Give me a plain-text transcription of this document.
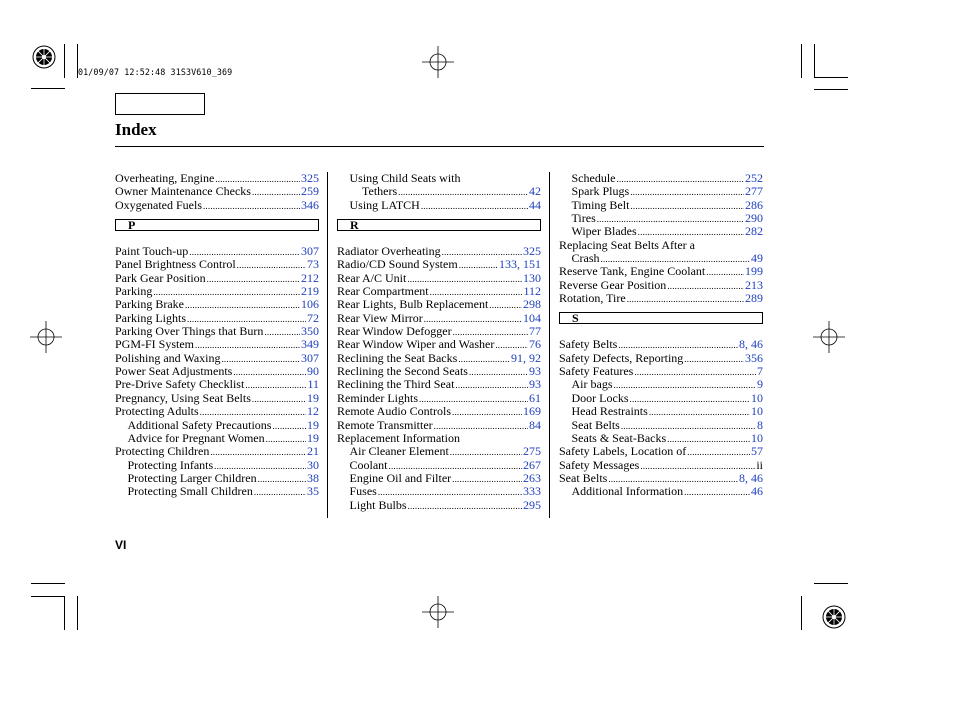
01/09/07 12:52:48 31S3V610_369
Index
Overheating, Engine .....	325
Owner Maintenance Checks .....	259
Oxygenated Fuels .....	346
P
Paint Touch-up .....	307
Panel Brightness Control .....	73
Park Gear Position .....	212
Parking .....	219
Parking Brake .....	106
Parking Lights .....	72
Parking Over Things that Burn .....	350
PGM-FI System .....	349
Polishing and Waxing .....	307
Power Seat Adjustments .....	90
Pre-Drive Safety Checklist .....	11
Pregnancy, Using Seat Belts .....	19
Protecting Adults .....	12
Additional Safety Precautions .....	19
Advice for Pregnant Women .....	19
Protecting Children .....	21
Protecting Infants .....	30
Protecting Larger Children .....	38
Protecting Small Children .....	35
Using Child Seats with
Tethers .....	42
Using LATCH .....	44
R
Radiator Overheating .....	325
Radio/CD Sound System .....	133, 151
Rear A/C Unit .....	130
Rear Compartment .....	112
Rear Lights, Bulb Replacement .....	298
Rear View Mirror .....	104
Rear Window Defogger .....	77
Rear Window Wiper and Washer .....	76
Reclining the Seat Backs .....	91, 92
Reclining the Second Seats .....	93
Reclining the Third Seat .....	93
Reminder Lights .....	61
Remote Audio Controls .....	169
Remote Transmitter .....	84
Replacement Information
Air Cleaner Element .....	275
Coolant .....	267
Engine Oil and Filter .....	263
Fuses .....	333
Light Bulbs .....	295
Schedule .....	252
Spark Plugs .....	277
Timing Belt .....	286
Tires .....	290
Wiper Blades .....	282
Replacing Seat Belts After a
Crash .....	49
Reserve Tank, Engine Coolant .....	199
Reverse Gear Position .....	213
Rotation, Tire .....	289
S
Safety Belts .....	8, 46
Safety Defects, Reporting .....	356
Safety Features .....	7
Air bags .....	9
Door Locks .....	10
Head Restraints .....	10
Seat Belts .....	8
Seats & Seat-Backs .....	10
Safety Labels, Location of .....	57
Safety Messages .....	ii
Seat Belts .....	8, 46
Additional Information .....	46
VI
